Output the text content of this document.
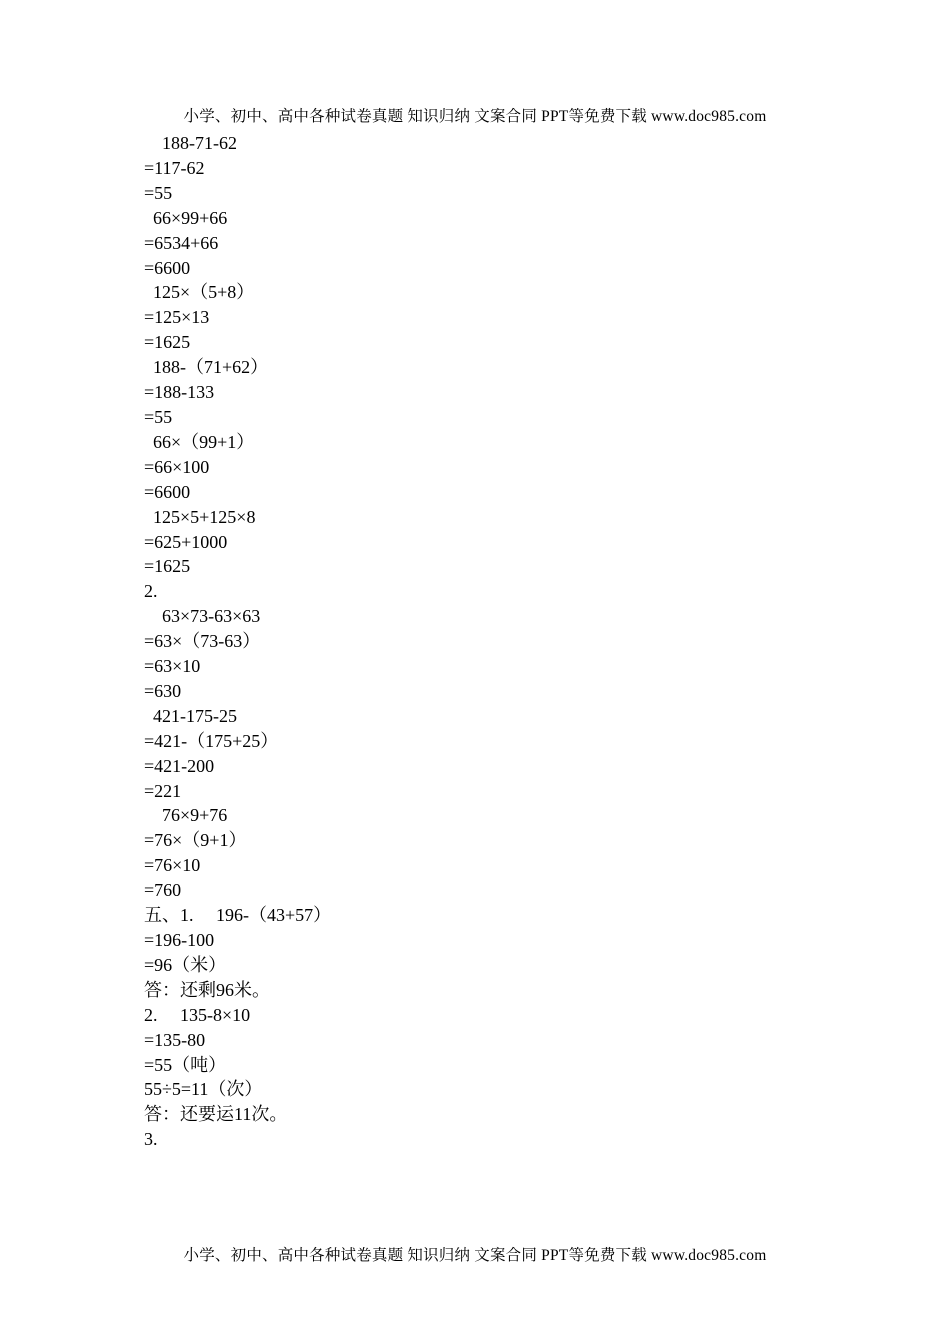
小学、初中、高中各种试卷真题 知识归纳 文案合同 PPT等免费下载 www.doc985.com
188-71-62
=117-62
=55
66×99+66
=6534+66
=6600
125×（5+8）
=125×13
=1625
188-（71+62）
=188-133
=55
66×（99+1）
=66×100
=6600
125×5+125×8
=625+1000
=1625
2.
63×73-63×63
=63×（73-63）
=63×10
=630
421-175-25
=421-（175+25）
=421-200
=221
76×9+76
=76×（9+1）
=76×10
=760
五、1.     196-（43+57）
=196-100
=96（米）
答：还剩96米。
2.     135-8×10
=135-80
=55（吨）
55÷5=11（次）
答：还要运11次。
3.
小学、初中、高中各种试卷真题 知识归纳 文案合同 PPT等免费下载 www.doc985.com
